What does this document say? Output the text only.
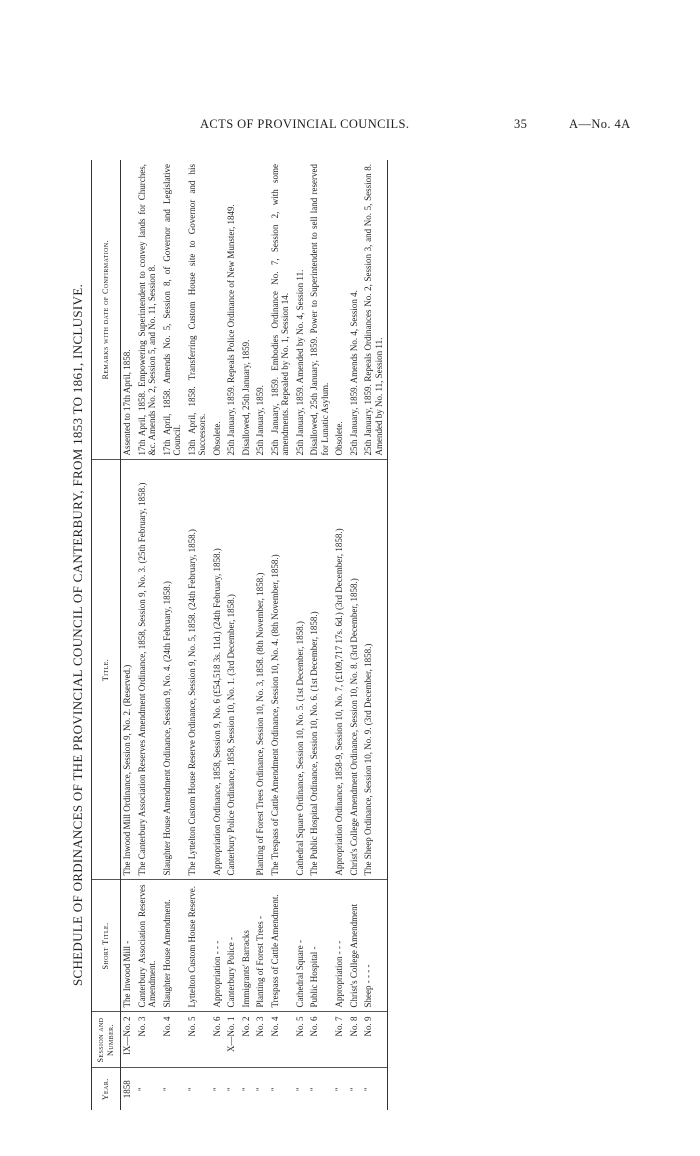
ACTS OF PROVINCIAL COUNCILS.	35	A—No. 4A
SCHEDULE OF ORDINANCES OF THE PROVINCIAL COUNCIL OF CANTERBURY, FROM 1853 TO 1861, INCLUSIVE.
Year.	Session and Number.	Short Title.	Title.	Remarks with date of Confirmation.
1858	IX—No. 2	The Inwood Mill -	The Inwood Mill Ordinance, Session 9, No. 2. (Reserved.)	Assented to 17th April, 1858.
"	No. 3	Canterbury Association Reserves Amendment.	The Canterbury Association Reserves Amendment Ordinance, 1858, Session 9, No. 3. (25th February, 1858.)	17th April, 1858. Empowering Superintendent to convey lands for Churches, &c. Amends No. 2, Session 5, and No. 11, Session 8.
"	No. 4	Slaughter House Amendment.	Slaughter House Amendment Ordinance, Session 9, No. 4. (24th February, 1858.)	17th April, 1858. Amends No. 5, Session 8, of Governor and Legislative Council.
"	No. 5	Lyttelton Custom House Reserve.	The Lyttelton Custom House Reserve Ordinance, Session 9, No. 5, 1858. (24th February, 1858.)	13th April, 1858. Transferring Custom House site to Governor and his Successors.
"	No. 6	Appropriation - - -	Appropriation Ordinance, 1858, Session 9, No. 6 (£54,518 3s. 11d.) (24th February, 1858.)	Obsolete.
"	X—No. 1	Canterbury Police -	Canterbury Police Ordinance, 1858, Session 10, No. 1. (3rd December, 1858.)	25th January, 1859. Repeals Police Ordinance of New Munster, 1849.
"	No. 2	Immigrants' Barracks		Disallowed, 25th January, 1859.
"	No. 3	Planting of Forest Trees -	Planting of Forest Trees Ordinance, Session 10, No. 3, 1858. (8th November, 1858.)	25th January, 1859.
"	No. 4	Trespass of Cattle Amendment.	The Trespass of Cattle Amendment Ordinance, Session 10, No. 4. (8th November, 1858.)	25th January, 1859. Embodies Ordinance No. 7, Session 2, with some amendments. Repealed by No. 1, Session 14.
"	No. 5	Cathedral Square -	Cathedral Square Ordinance, Session 10, No. 5. (1st December, 1858.)	25th January, 1859. Amended by No. 4, Session 11.
"	No. 6	Public Hospital -	The Public Hospital Ordinance, Session 10, No. 6. (1st December, 1858.)	Disallowed, 25th January, 1859. Power to Superintendent to sell land reserved for Lunatic Asylum.
"	No. 7	Appropriation - - -	Appropriation Ordinance, 1858-9, Session 10, No. 7, (£109,717 17s. 6d.) (3rd December, 1858.)	Obsolete.
"	No. 8	Christ's College Amendment	Christ's College Amendment Ordinance, Session 10, No. 8. (3rd December, 1858.)	25th January, 1859. Amends No. 4, Session 4.
"	No. 9	Sheep - - - -	The Sheep Ordinance, Session 10, No. 9. (3rd December, 1858.)	25th January, 1859. Repeals Ordinances No. 2, Session 3, and No. 5, Session 8. Amended by No. 11, Session 11.
